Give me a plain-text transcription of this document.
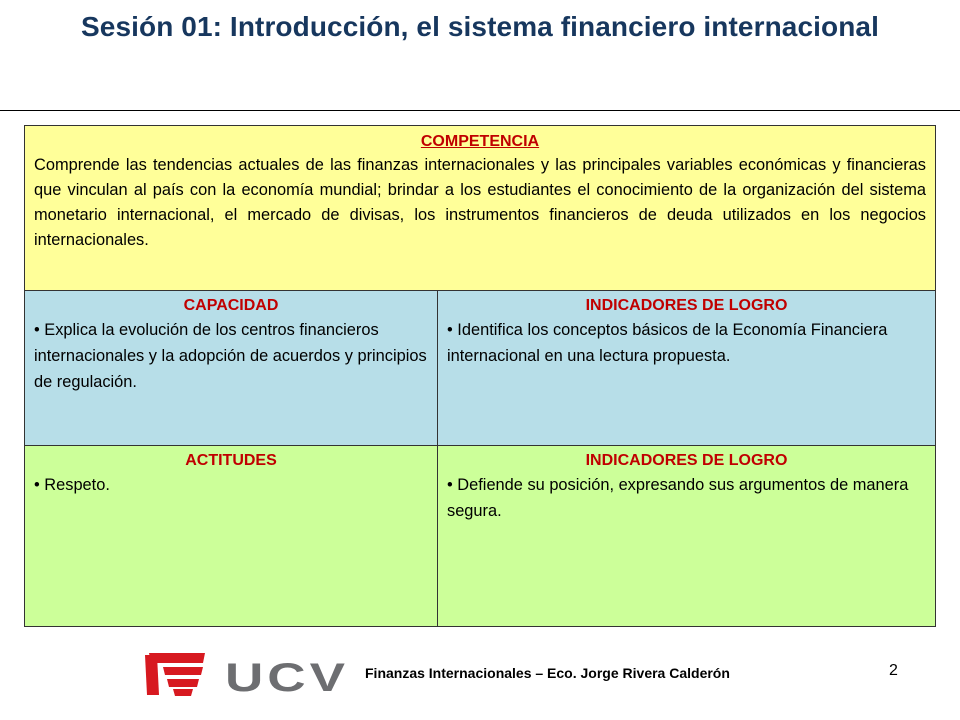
Sesión 01: Introducción, el sistema financiero internacional
COMPETENCIA
Comprende las tendencias actuales de las finanzas internacionales y las principales variables económicas y financieras que vinculan al país con la economía mundial; brindar a los estudiantes el conocimiento de la organización del sistema monetario internacional, el mercado de divisas, los instrumentos financieros de deuda utilizados en los negocios internacionales.
CAPACIDAD
• Explica la evolución de los centros financieros internacionales y la adopción de acuerdos y principios de regulación.
INDICADORES DE LOGRO
• Identifica los conceptos básicos de la Economía Financiera internacional en una lectura propuesta.
ACTITUDES
• Respeto.
INDICADORES DE LOGRO
• Defiende su posición, expresando sus argumentos de manera segura.
UCV Finanzas Internacionales – Eco. Jorge Rivera Calderón	2
